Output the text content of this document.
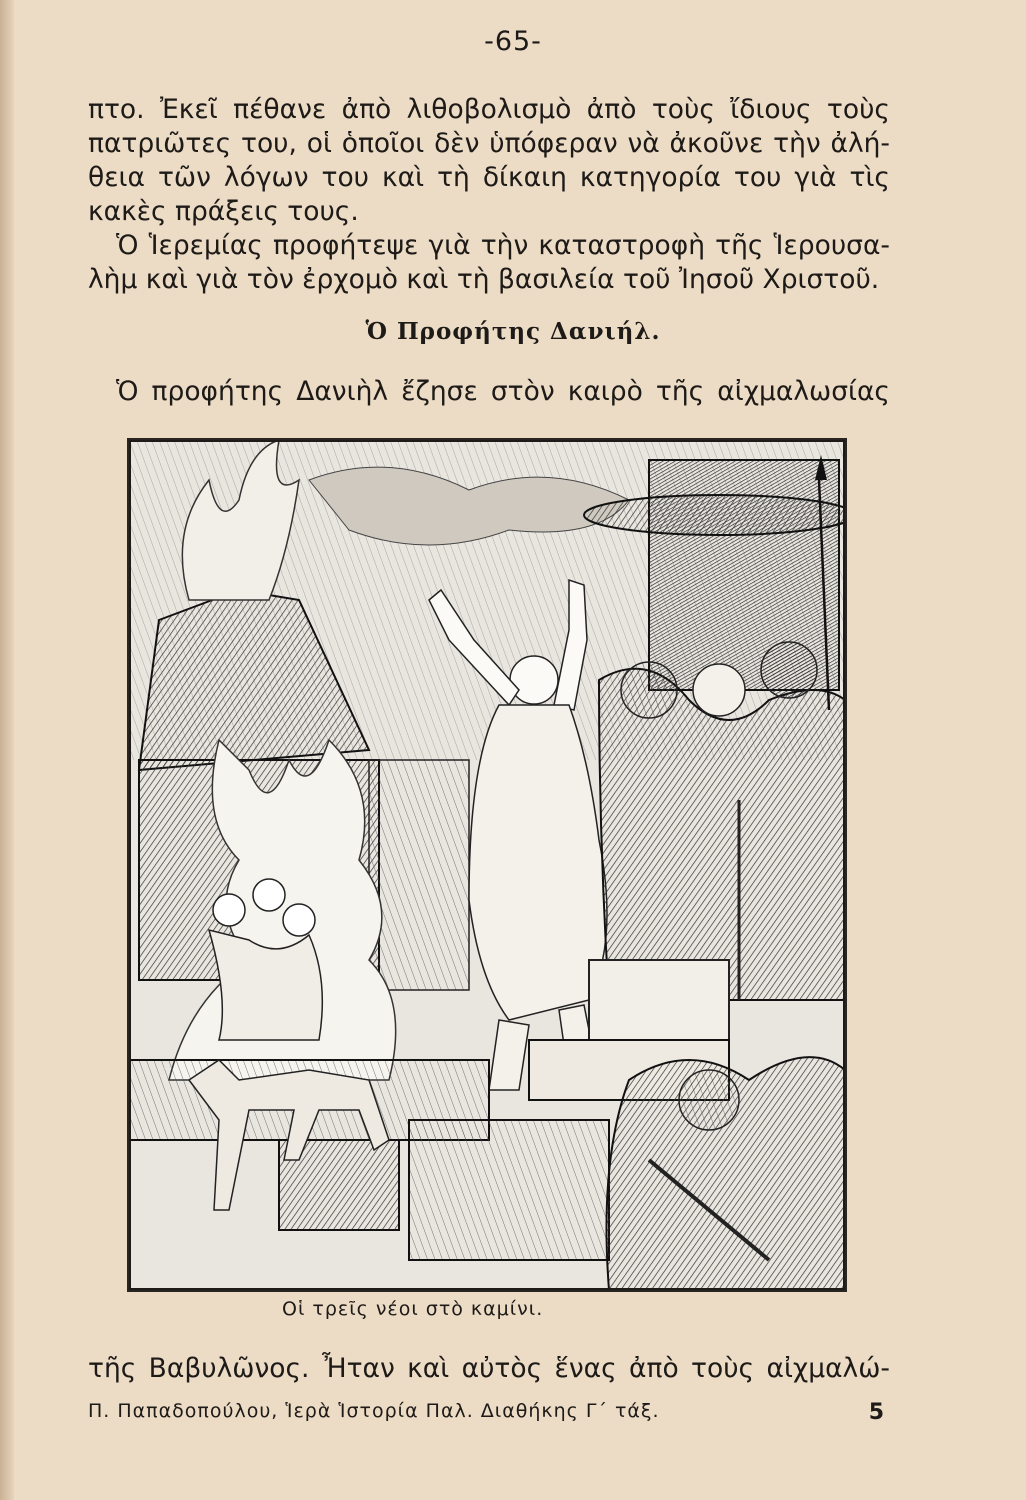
-65-
πτο. Ἐκεῖ πέθανε ἀπὸ λιθοβολισμὸ ἀπὸ τοὺς ἴδιους τοὺς
πατριῶτες του, οἱ ὁποῖοι δὲν ὑπόφεραν νὰ ἀκοῦνε τὴν ἀλή-
θεια τῶν λόγων του καὶ τὴ δίκαιη κατηγορία του γιὰ τὶς
κακὲς πράξεις τους.
Ὁ Ἱερεμίας προφήτεψε γιὰ τὴν καταστροφὴ τῆς Ἱερουσα-
λὴμ καὶ γιὰ τὸν ἐρχομὸ καὶ τὴ βασιλεία τοῦ Ἰησοῦ Χριστοῦ.
Ὁ Προφήτης Δανιήλ.
Ὁ προφήτης Δανιὴλ ἔζησε στὸν καιρὸ τῆς αἰχμαλωσίας
Οἱ τρεῖς νέοι στὸ καμίνι.
τῆς Βαβυλῶνος. Ἦταν καὶ αὐτὸς ἕνας ἀπὸ τοὺς αἰχμαλώ-
Π. Παπαδοπούλου, Ἱερὰ Ἱστορία Παλ. Διαθήκης Γ΄ τάξ.	5
